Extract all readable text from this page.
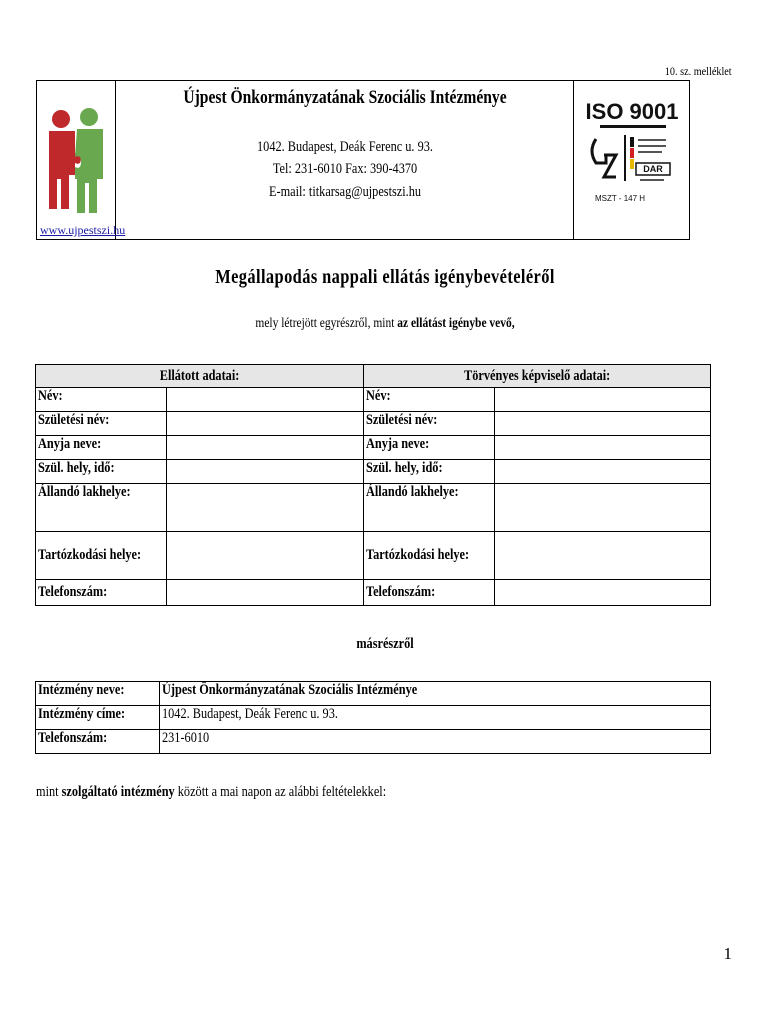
10. sz. melléklet
www.ujpestszi.hu
Újpest Önkormányzatának Szociális Intézménye
1042. Budapest, Deák Ferenc u. 93.
Tel: 231-6010 Fax: 390-4370
E-mail: titkarsag@ujpestszi.hu
ISO 9001
DAR
MSZT - 147 H
Megállapodás nappali ellátás igénybevételéről
mely létrejött egyrészről, mint az ellátást igénybe vevő,
Ellátott adatai:		Törvényes képviselő adatai:	
Név:		Név:	
Születési név:		Születési név:	
Anyja neve:		Anyja neve:	
Szül. hely, idő:		Szül. hely, idő:	
Állandó lakhelye:		Állandó lakhelye:	
Tartózkodási helye:		Tartózkodási helye:	
Telefonszám:		Telefonszám:	
másrészről
Intézmény neve:	Újpest Önkormányzatának Szociális Intézménye
Intézmény címe:	1042. Budapest, Deák Ferenc u. 93.
Telefonszám:	231-6010
mint szolgáltató intézmény között a mai napon az alábbi feltételekkel:
1
